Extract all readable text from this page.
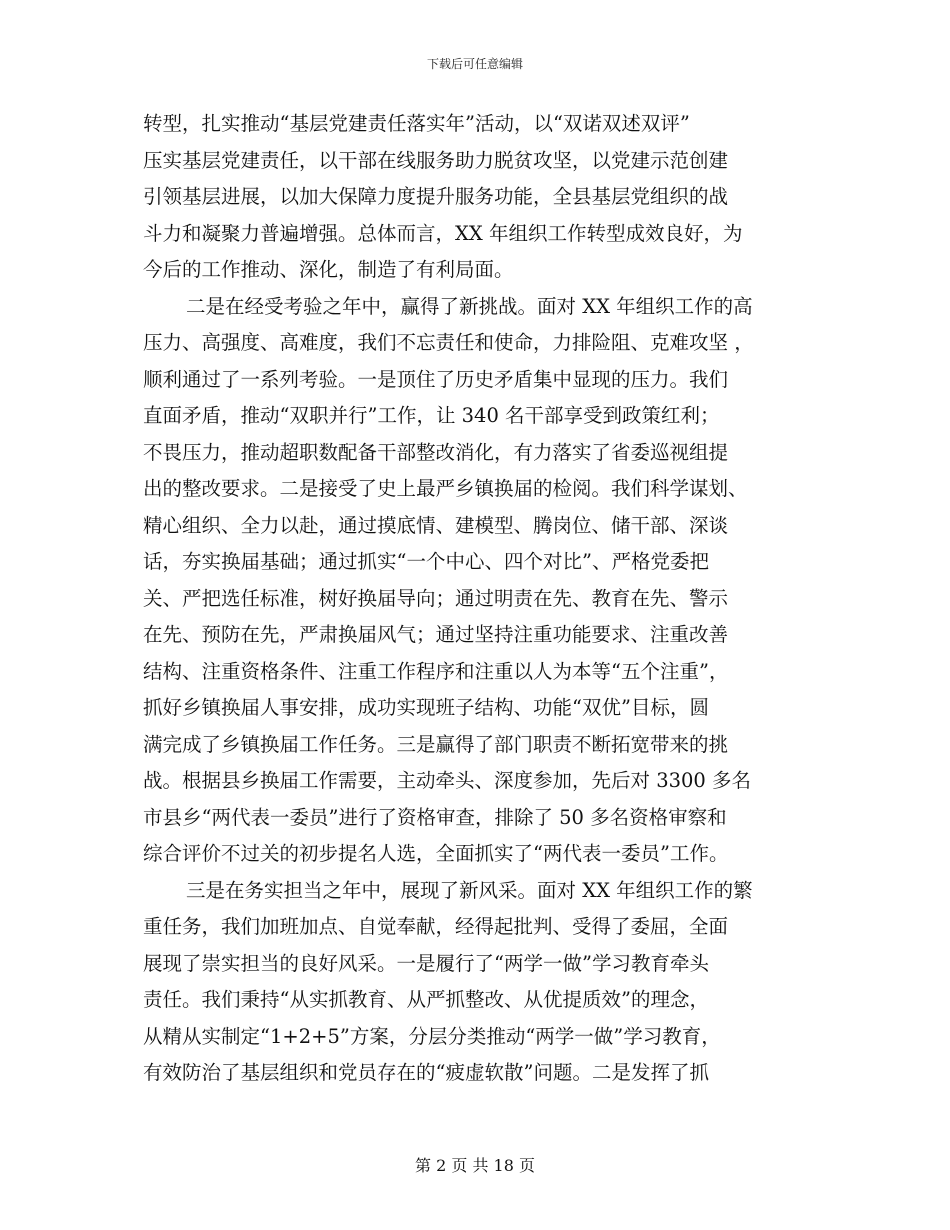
下载后可任意编辑
转型，扎实推动“基层党建责任落实年”活动，以“双诺双述双评”
压实基层党建责任，以干部在线服务助力脱贫攻坚，以党建示范创建
引领基层进展，以加大保障力度提升服务功能，全县基层党组织的战
斗力和凝聚力普遍增强。总体而言，XX 年组织工作转型成效良好，为
今后的工作推动、深化，制造了有利局面。
二是在经受考验之年中，赢得了新挑战。面对 XX 年组织工作的高
压力、高强度、高难度，我们不忘责任和使命，力排险阻、克难攻坚 ，
顺利通过了一系列考验。一是顶住了历史矛盾集中显现的压力。我们
直面矛盾，推动“双职并行”工作，让 340 名干部享受到政策红利；
不畏压力，推动超职数配备干部整改消化，有力落实了省委巡视组提
出的整改要求。二是接受了史上最严乡镇换届的检阅。我们科学谋划、
精心组织、全力以赴，通过摸底情、建模型、腾岗位、储干部、深谈
话，夯实换届基础；通过抓实“一个中心、四个对比”、严格党委把
关、严把选任标准，树好换届导向；通过明责在先、教育在先、警示
在先、预防在先，严肃换届风气；通过坚持注重功能要求、注重改善
结构、注重资格条件、注重工作程序和注重以人为本等“五个注重”，
抓好乡镇换届人事安排，成功实现班子结构、功能“双优”目标，圆
满完成了乡镇换届工作任务。三是赢得了部门职责不断拓宽带来的挑
战。根据县乡换届工作需要，主动牵头、深度参加，先后对 3300 多名
市县乡“两代表一委员”进行了资格审查，排除了 50 多名资格审察和
综合评价不过关的初步提名人选，全面抓实了“两代表一委员”工作。
三是在务实担当之年中，展现了新风采。面对 XX 年组织工作的繁
重任务，我们加班加点、自觉奉献，经得起批判、受得了委屈，全面
展现了崇实担当的良好风采。一是履行了“两学一做”学习教育牵头
责任。我们秉持“从实抓教育、从严抓整改、从优提质效”的理念，
从精从实制定“1+2+5”方案，分层分类推动“两学一做”学习教育，
有效防治了基层组织和党员存在的“疲虚软散”问题。二是发挥了抓
第 2 页 共 18 页
